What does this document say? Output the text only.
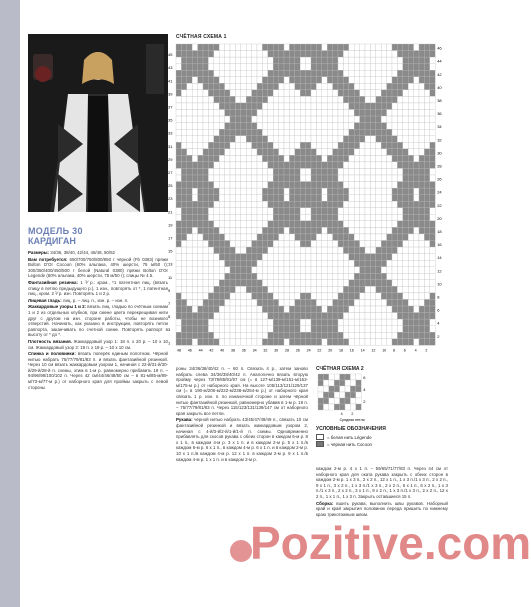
МОДЕЛЬ 30
КАРДИГАН

Размеры: 34/36, 38/40, 42/44, 46/48, 50/52

Вам потребуется: 650/700/750/800/850 г чёрной (Fb 0383) пряжи Bolton D'Or Cocoon (60% альпака, 40% шерсти, 75 м/50 г); 300/350/400/450/500 г белой (Natural 0380) пряжи Bolton D'Or Legende (60% альпака, 40% шерсти, 75 м/50 г); спицы № 4.5.

Фантазийная резинка: 1 ⅟ р.: кром., *1 патентная лиц. (вязать спицу в петлю предыдущего р.), 1 изн., повторять от *, 1 патентная лиц., кром. 2 ⅟ р. изн. Повторять 1 и 2 р.

Лицевая гладь: лиц. р. – лиц. п., изн. р. – изн. п.

Жаккардовые узоры 1 и 2: вязать лиц. гладью по счётным схемам 1 и 2 из отдельных клубков, при смене цвета перекрещивая нити друг с другом на изн. стороне работы, чтобы не возникло отверстий. Начинать, как указано в инструкции, повторять петли раппорта, заканчивать по счетной схеме. Повторять раппорт в высоту от * до *.

Плотность вязания. Жаккардовый узор 1: 18 п. x 20 р. – 10 x 10 см. Жаккардовый узор 2: 19 п. x 19 р. – 10 x 10 см.

Спинка и половинки: вязать поперёк единым полотном. Чёрной нитью набрать 75/77/79/81/83 п. и вязать фантазийной резинкой. Через 10 см вязать жаккардовым узором 1, начиная с 22-й/31-й/30-й/29-й/28-й п. схемы, этим в 1-м р. равномерно прибавить 19 п. – 94/96/98/100/102 п. Через 42 см/44/46/48/50 см – в 81-м/85-м/89-м/73-м/77-м р.) от наборного края для проймы закрыть с левой стороны

роны 34/36/38/40/42 п. – 60 п. Связать 4 р., затем заново набрать слева 34/36/38/40/42 п. Аналогично вязать вторую пройму через 73/79/85/91/97 см (= в 127-м/139-м/151-м/163-м/175-м р.) от наборного края. На высоте 105/113/121/129/137 см (= в 190-м/206-м/222-м/238-м/254-м р.) от наборного края связать 1 р. изн. п. по изнаночной стороне и затем чёрной нитью фантазийной резинкой, равномерно убавив в 1-м р. 19 п. – 75/77/79/81/83 п. Через 115/123/131/139/147 см от наборного края закрыть все петли.

Рукава: чёрной нитью набрать 43/45/47/49/49 п., связать 10 см фантазийной резинкой и вязать жаккардовым узором 2, начиная с 4-й/3-й/2-й/1-й/1-й п. схемы. Одновременно прибавлять для скосов рукава с обеих сторон в каждом 6-м р. 8 x 1 п., в каждом 4-м р. 3 x 1 п. и в каждом 2-м р. 5 x 1 п./в каждом 6-м р. 6 x 1 п., в каждом 4-м р. 6 x 1 п. и в каждом 2-м р. 10 x 1 п./в каждом 4-м р. 12 x 1 п. в каждом 2-м р. 9 x 1 п./в каждом 4-м р. 1 x 1 п. и в каждом 2-м р.

каждом 2-м р. 4 x 1 п. – 59/65/71/77/83 п. Через 44 см от наборного края для оката рукава закрыть с обеих сторон в каждом 2-м р. 1 x 3 п., 2 x 2 п., 12 x 1 п., 1 x 3 п./1 x 3 п., 2 x 2 п., 9 x 1 п., 3 x 2 п., 1 x 3 п./1 x 3 п., 2 x 2 п., 6 x 1 п., 6 x 2 п., 1 x 3 п./1 x 3 п., 2 x 2 п., 3 x 1 п., 9 x 2 п., 1 x 3 п./1 x 3 п., 2 x 2 п., 12 x 2 п., 1 x 1 п., 1 x 3 п. Закрыть оставшиеся 15 п.

Сборка: вшить рукава, выполнить швы рукавов. Наборный край и край закрытия половинок переда пришить по нижнему краю трикотажным швом.

СЧЁТНАЯ СХЕМА 1
46
44
42
40
38
36
34
32
30
28
26
24
22
20
18
16
14
12
10
8
6
4
2
45
43
41
39
37
35
33
31
29
27
25
23
21
19
17
15
13
11
9
7
5
3
1
48 46 44 42 40 38 36 34 32 30 28 26 24 22 20 18 16 14 12 10 8 6 4 2
СЧЁТНАЯ СХЕМА 2
6
4
2
4 2
Средняя петля
УСЛОВНЫЕ ОБОЗНАЧЕНИЯ
= белая нить Légende
= чёрная нить Cocoon
Pozitive.com
